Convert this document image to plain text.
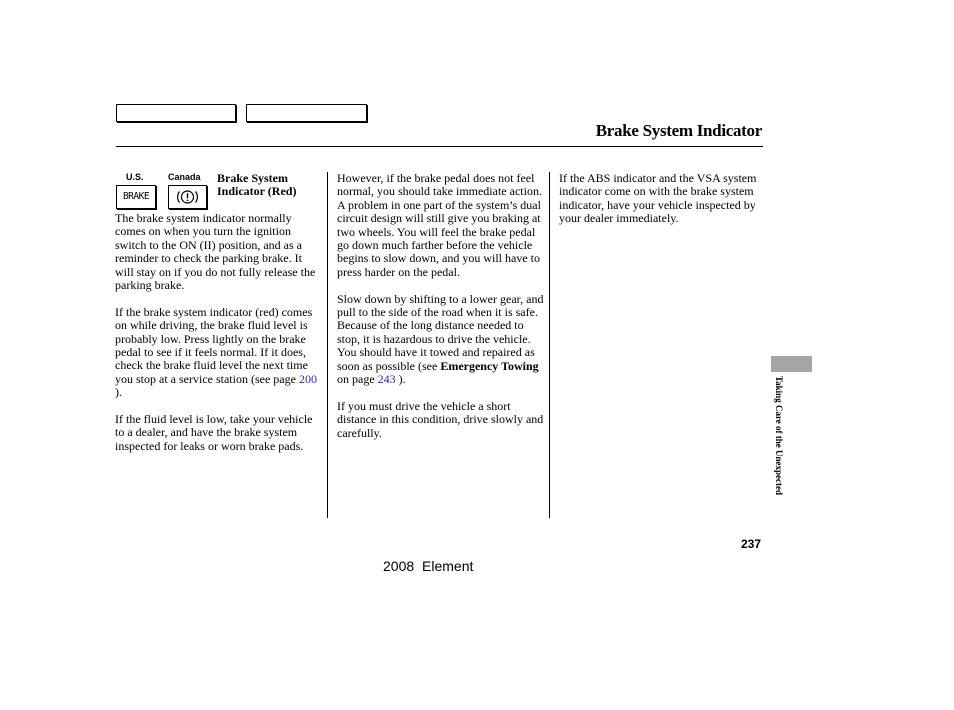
Brake System Indicator
U.S.	Canada
BRAKE
Brake System
Indicator (Red)

The brake system indicator normally comes on when you turn the ignition switch to the ON (II) position, and as a reminder to check the parking brake. It will stay on if you do not fully release the parking brake.

If the brake system indicator (red) comes on while driving, the brake fluid level is probably low. Press lightly on the brake pedal to see if it feels normal. If it does, check the brake fluid level the next time you stop at a service station (see page 200 ).

If the fluid level is low, take your vehicle to a dealer, and have the brake system inspected for leaks or worn brake pads.

However, if the brake pedal does not feel normal, you should take immediate action. A problem in one part of the system’s dual circuit design will still give you braking at two wheels. You will feel the brake pedal go down much farther before the vehicle begins to slow down, and you will have to press harder on the pedal.

Slow down by shifting to a lower gear, and pull to the side of the road when it is safe. Because of the long distance needed to stop, it is hazardous to drive the vehicle. You should have it towed and repaired as soon as possible (see Emergency Towing on page 243 ).

If you must drive the vehicle a short distance in this condition, drive slowly and carefully.

If the ABS indicator and the VSA system indicator come on with the brake system indicator, have your vehicle inspected by your dealer immediately.

Taking Care of the Unexpected
237
2008 Element
